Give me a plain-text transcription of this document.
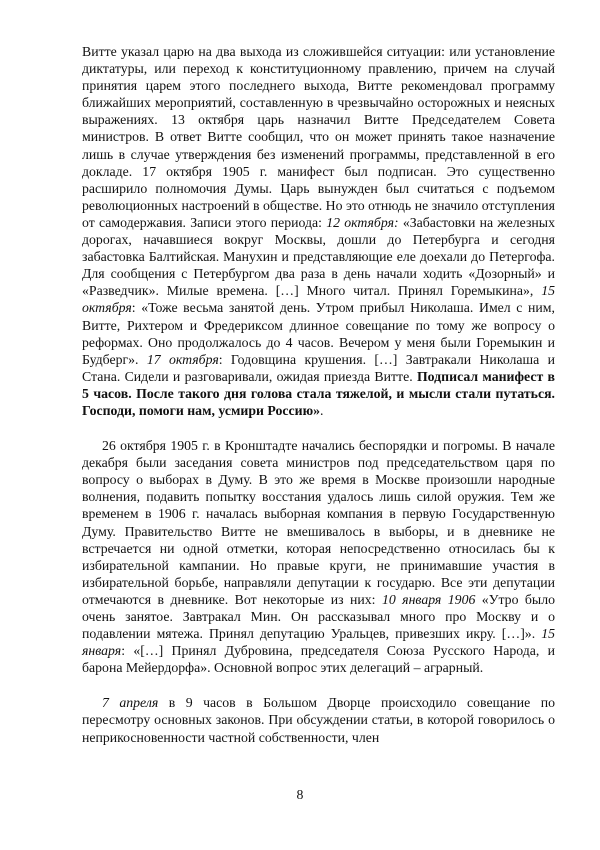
Витте указал царю на два выхода из сложившейся ситуации: или установление диктатуры, или переход к конституционному правлению, причем на случай принятия царем этого последнего выхода, Витте рекомендовал программу ближайших мероприятий, составленную в чрезвычайно осторожных и неясных выражениях. 13 октября царь назначил Витте Председателем Совета министров. В ответ Витте сообщил, что он может принять такое назначение лишь в случае утверждения без изменений программы, представленной в его докладе. 17 октября 1905 г. манифест был подписан. Это существенно расширило полномочия Думы. Царь вынужден был считаться с подъемом революционных настроений в обществе. Но это отнюдь не значило отступления от самодержавия. Записи этого периода: 12 октября: «Забастовки на железных дорогах, начавшиеся вокруг Москвы, дошли до Петербурга и сегодня забастовка Балтийская. Манухин и представляющие еле доехали до Петергофа. Для сообщения с Петербургом два раза в день начали ходить «Дозорный» и «Разведчик». Милые времена. […] Много читал. Принял Горемыкина», 15 октября: «Тоже весьма занятой день. Утром прибыл Николаша. Имел с ним, Витте, Рихтером и Фредериксом длинное совещание по тому же вопросу о реформах. Оно продолжалось до 4 часов. Вечером у меня были Горемыкин и Будберг». 17 октября: Годовщина крушения. […] Завтракали Николаша и Стана. Сидели и разговаривали, ожидая приезда Витте. Подписал манифест в 5 часов. После такого дня голова стала тяжелой, и мысли стали путаться. Господи, помоги нам, усмири Россию».

26 октября 1905 г. в Кронштадте начались беспорядки и погромы. В начале декабря были заседания совета министров под председательством царя по вопросу о выборах в Думу. В это же время в Москве произошли народные волнения, подавить попытку восстания удалось лишь силой оружия. Тем же временем в 1906 г. началась выборная компания в первую Государственную Думу. Правительство Витте не вмешивалось в выборы, и в дневнике не встречается ни одной отметки, которая непосредственно относилась бы к избирательной кампании. Но правые круги, не принимавшие участия в избирательной борьбе, направляли депутации к государю. Все эти депутации отмечаются в дневнике. Вот некоторые из них: 10 января 1906 «Утро было очень занятое. Завтракал Мин. Он рассказывал много про Москву и о подавлении мятежа. Принял депутацию Уральцев, привезших икру. […]». 15 января: «[…] Принял Дубровина, председателя Союза Русского Народа, и барона Мейердорфа». Основной вопрос этих делегаций – аграрный.

7 апреля в 9 часов в Большом Дворце происходило совещание по пересмотру основных законов. При обсуждении статьи, в которой говорилось о неприкосновенности частной собственности, член

8
